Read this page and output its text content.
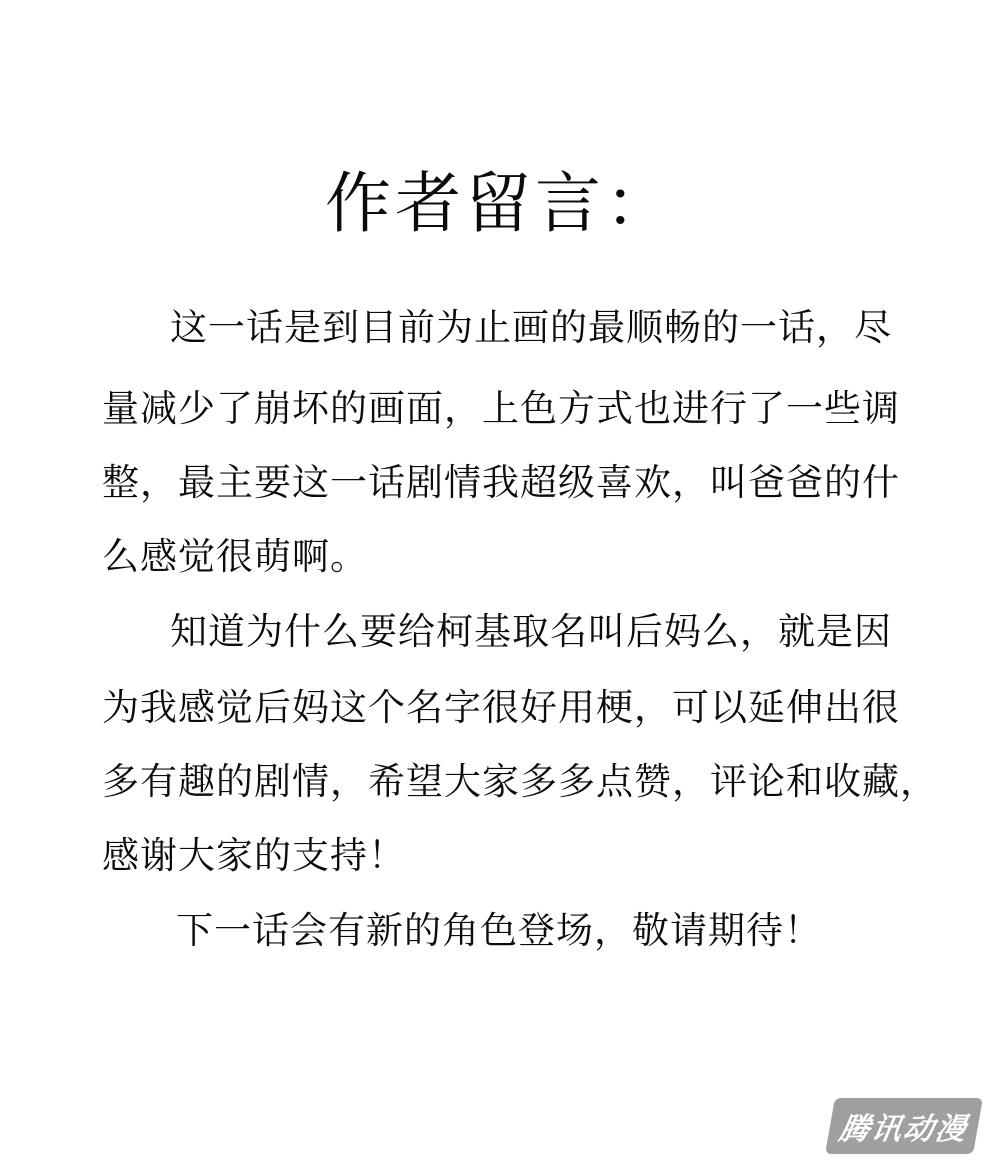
作者留言：
这一话是到目前为止画的最顺畅的一话，尽
量减少了崩坏的画面，上色方式也进行了一些调
整，最主要这一话剧情我超级喜欢，叫爸爸的什
么感觉很萌啊。
知道为什么要给柯基取名叫后妈么，就是因
为我感觉后妈这个名字很好用梗，可以延伸出很
多有趣的剧情，希望大家多多点赞，评论和收藏，
感谢大家的支持！
下一话会有新的角色登场，敬请期待！
腾讯动漫
